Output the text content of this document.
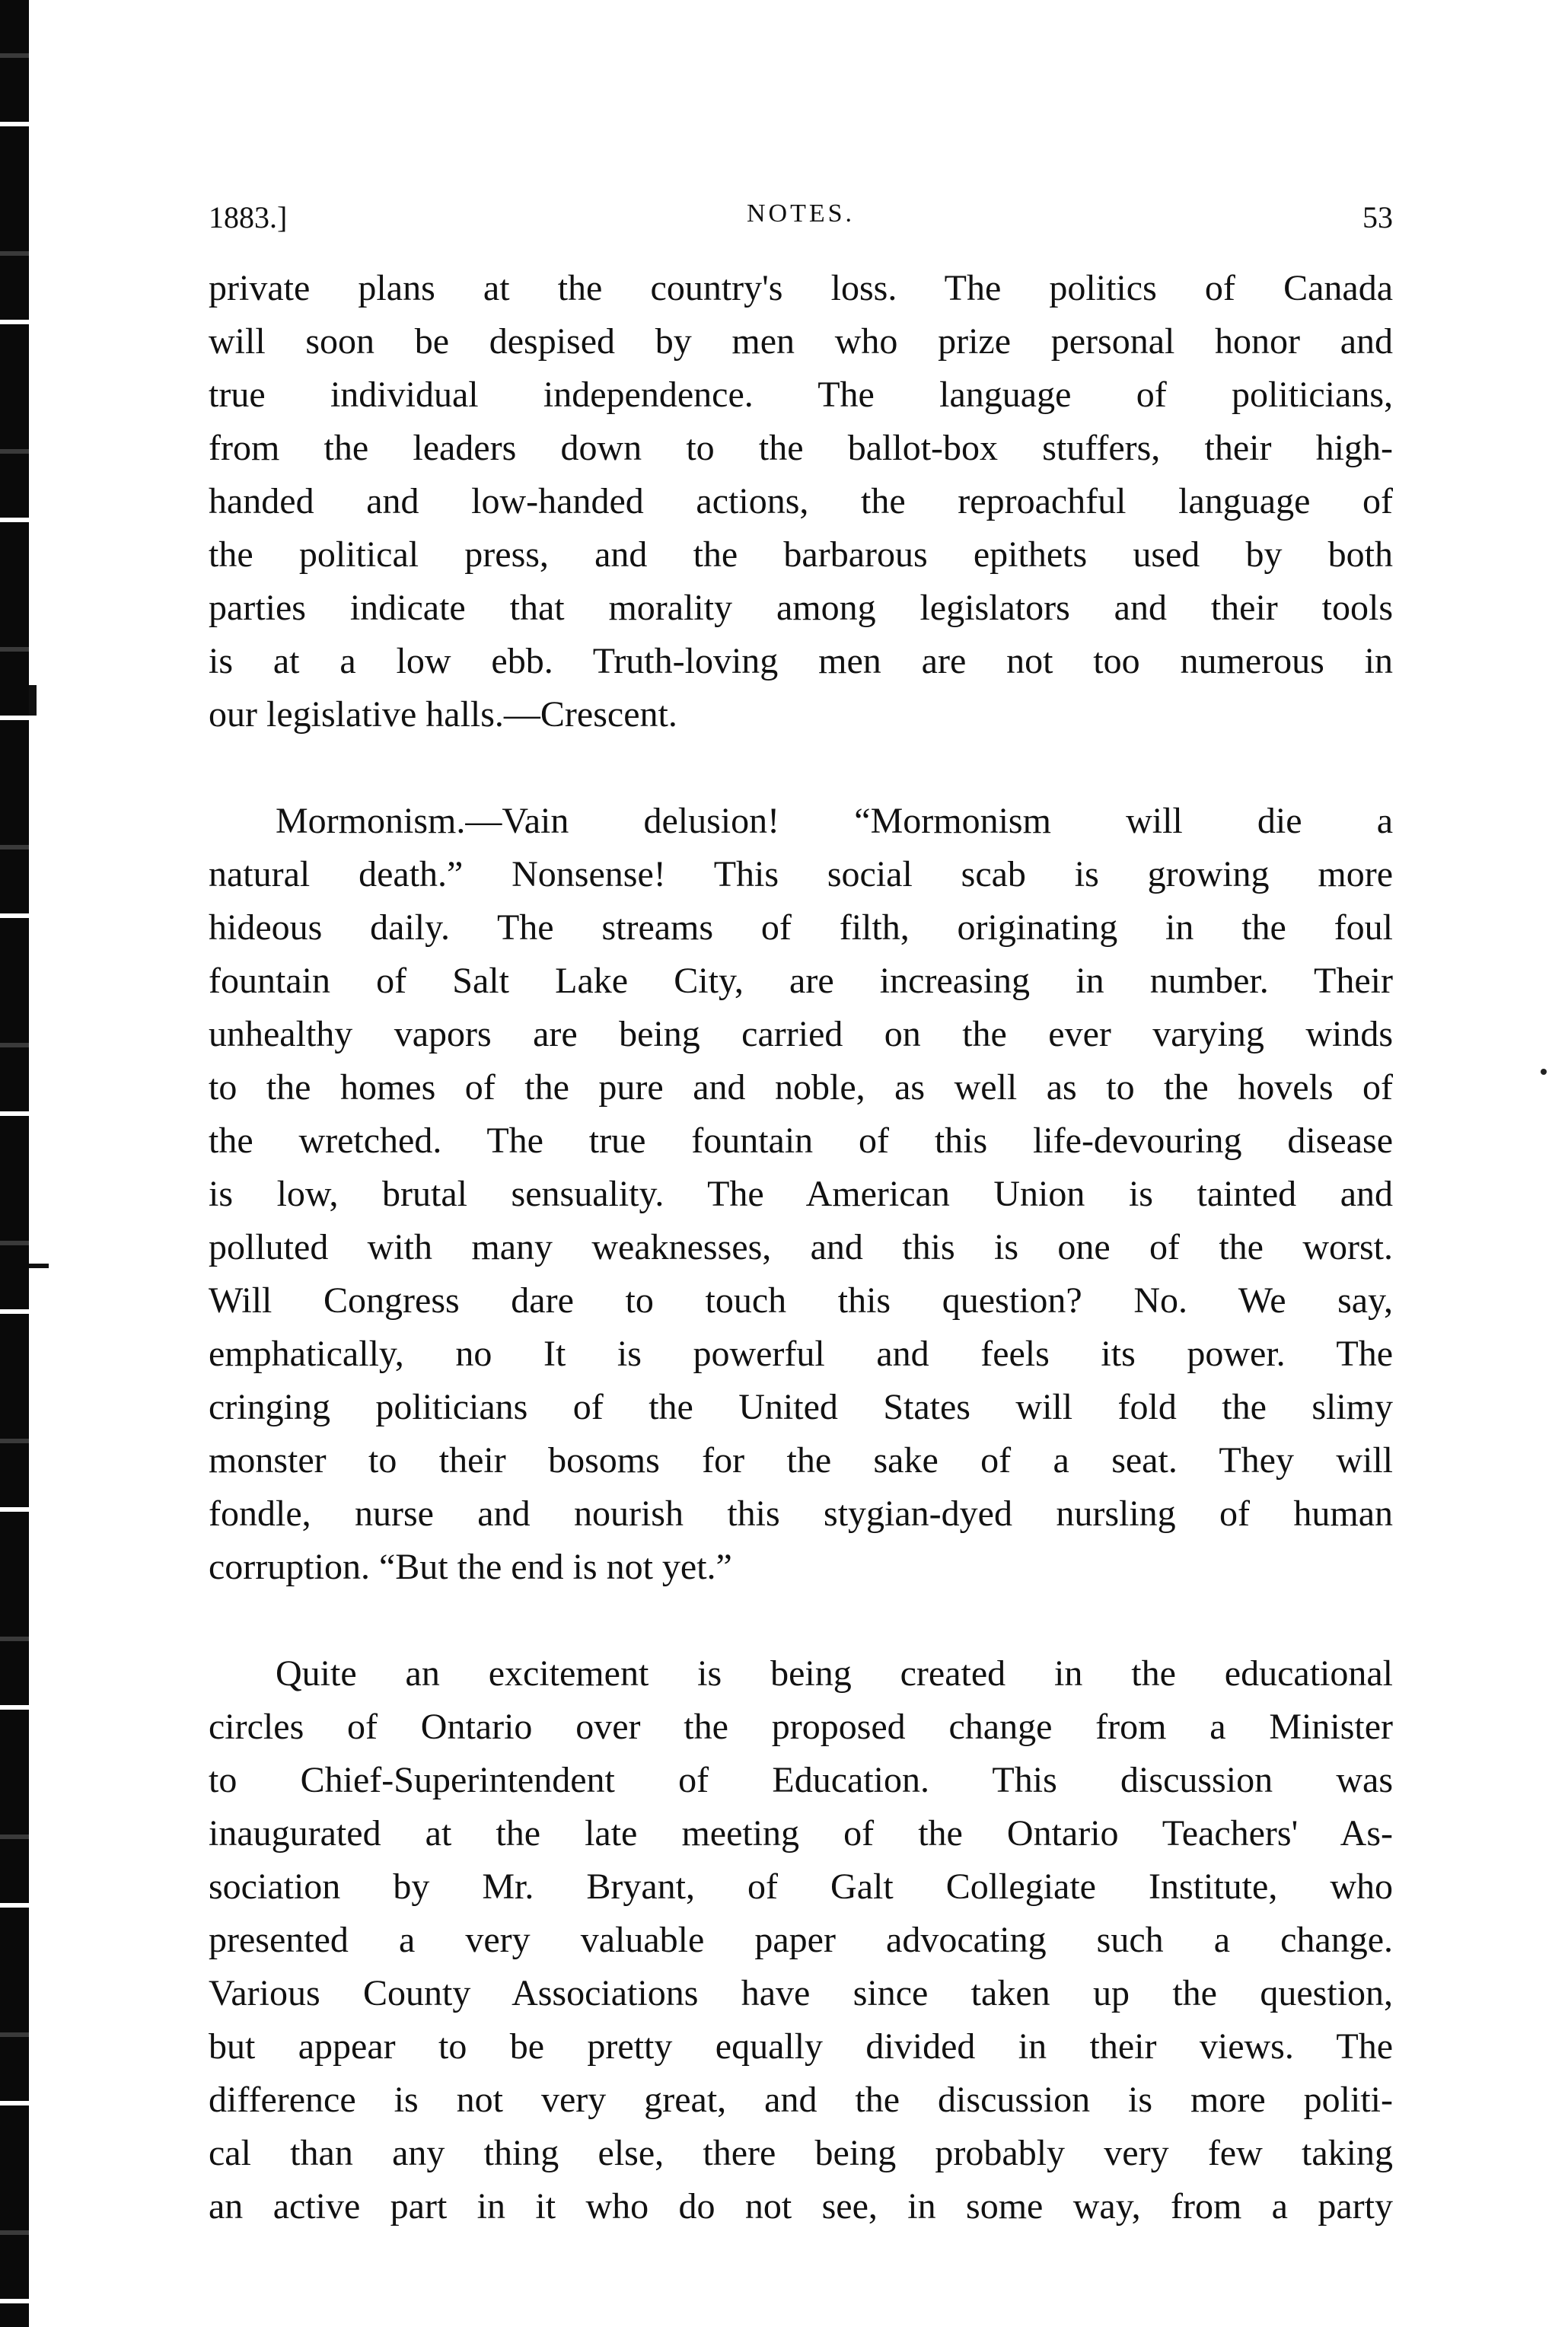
1883.]	NOTES.	53
private plans at the country's loss. The politics of Canada
will soon be despised by men who prize personal honor and
true individual independence. The language of politicians,
from the leaders down to the ballot-box stuffers, their high-
handed and low-handed actions, the reproachful language of
the political press, and the barbarous epithets used by both
parties indicate that morality among legislators and their tools
is at a low ebb. Truth-loving men are not too numerous in
our legislative halls.—Crescent.
Mormonism.—Vain delusion! “Mormonism will die a
natural death.” Nonsense! This social scab is growing more
hideous daily. The streams of filth, originating in the foul
fountain of Salt Lake City, are increasing in number. Their
unhealthy vapors are being carried on the ever varying winds
to the homes of the pure and noble, as well as to the hovels of
the wretched. The true fountain of this life-devouring disease
is low, brutal sensuality. The American Union is tainted and
polluted with many weaknesses, and this is one of the worst.
Will Congress dare to touch this question? No. We say,
emphatically, no It is powerful and feels its power. The
cringing politicians of the United States will fold the slimy
monster to their bosoms for the sake of a seat. They will
fondle, nurse and nourish this stygian-dyed nursling of human
corruption. “But the end is not yet.”
Quite an excitement is being created in the educational
circles of Ontario over the proposed change from a Minister
to Chief-Superintendent of Education. This discussion was
inaugurated at the late meeting of the Ontario Teachers' As-
sociation by Mr. Bryant, of Galt Collegiate Institute, who
presented a very valuable paper advocating such a change.
Various County Associations have since taken up the question,
but appear to be pretty equally divided in their views. The
difference is not very great, and the discussion is more politi-
cal than any thing else, there being probably very few taking
an active part in it who do not see, in some way, from a party
